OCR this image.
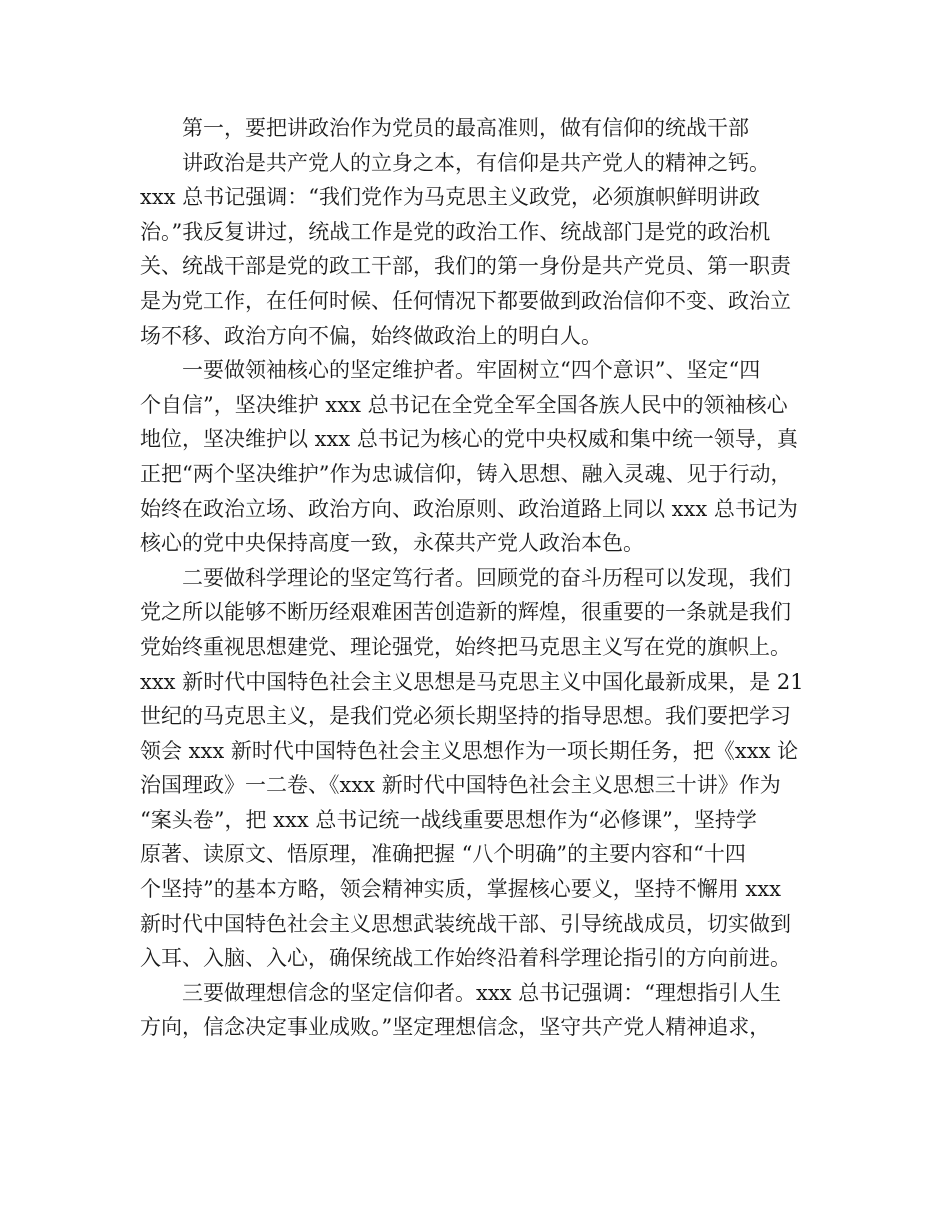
第一，要把讲政治作为党员的最高准则，做有信仰的统战干部
讲政治是共产党人的立身之本，有信仰是共产党人的精神之钙。
xxx 总书记强调：“我们党作为马克思主义政党，必须旗帜鲜明讲政
治。”我反复讲过，统战工作是党的政治工作、统战部门是党的政治机
关、统战干部是党的政工干部，我们的第一身份是共产党员、第一职责
是为党工作，在任何时候、任何情况下都要做到政治信仰不变、政治立
场不移、政治方向不偏，始终做政治上的明白人。
一要做领袖核心的坚定维护者。牢固树立“四个意识”、坚定“四
个自信”，坚决维护 xxx 总书记在全党全军全国各族人民中的领袖核心
地位，坚决维护以 xxx 总书记为核心的党中央权威和集中统一领导，真
正把“两个坚决维护”作为忠诚信仰，铸入思想、融入灵魂、见于行动，
始终在政治立场、政治方向、政治原则、政治道路上同以 xxx 总书记为
核心的党中央保持高度一致，永葆共产党人政治本色。
二要做科学理论的坚定笃行者。回顾党的奋斗历程可以发现，我们
党之所以能够不断历经艰难困苦创造新的辉煌，很重要的一条就是我们
党始终重视思想建党、理论强党，始终把马克思主义写在党的旗帜上。
xxx 新时代中国特色社会主义思想是马克思主义中国化最新成果，是 21
世纪的马克思主义，是我们党必须长期坚持的指导思想。我们要把学习
领会 xxx 新时代中国特色社会主义思想作为一项长期任务，把《xxx 论
治国理政》一二卷、《xxx 新时代中国特色社会主义思想三十讲》作为
“案头卷”，把 xxx 总书记统一战线重要思想作为“必修课”，坚持学
原著、读原文、悟原理，准确把握 “八个明确”的主要内容和“十四
个坚持”的基本方略，领会精神实质，掌握核心要义，坚持不懈用 xxx
新时代中国特色社会主义思想武装统战干部、引导统战成员，切实做到
入耳、入脑、入心，确保统战工作始终沿着科学理论指引的方向前进。
三要做理想信念的坚定信仰者。xxx 总书记强调：“理想指引人生
方向，信念决定事业成败。”坚定理想信念，坚守共产党人精神追求，
